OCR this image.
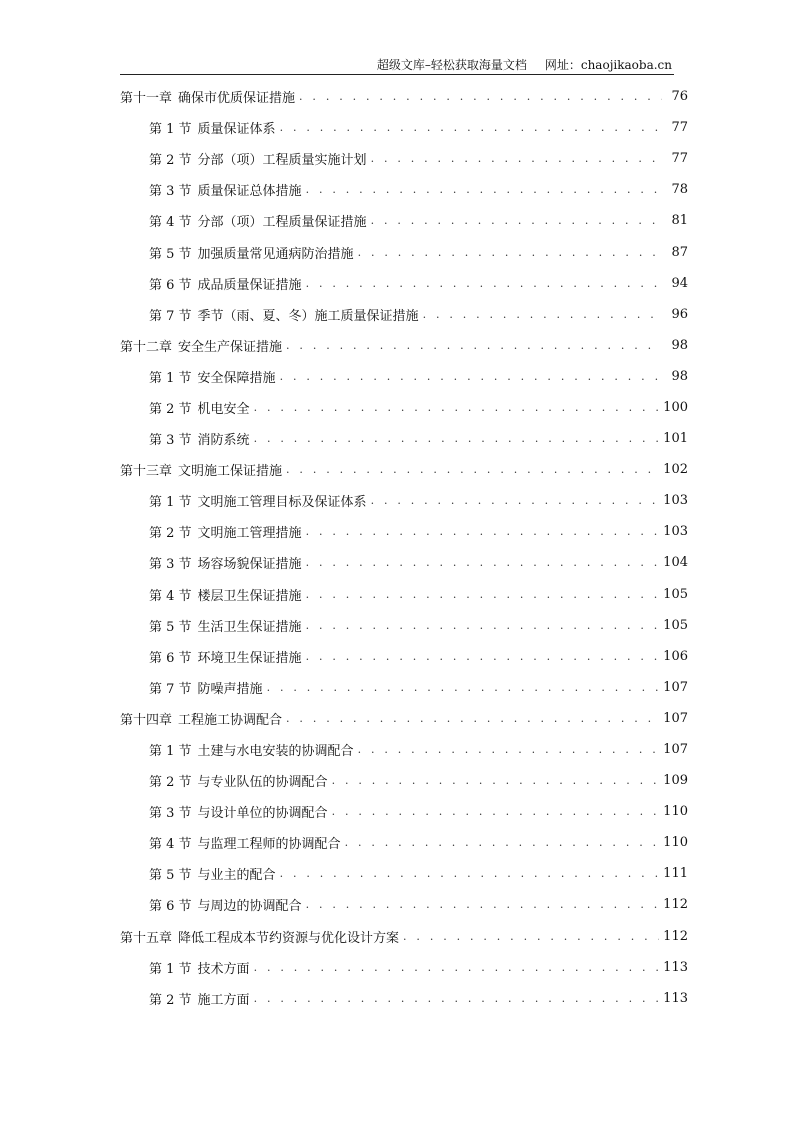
超级文库–轻松获取海量文档 网址：chaojikaoba.cn
第十一章 确保市优质保证措施 . . .	76
第 1 节 质量保证体系 . . .	77
第 2 节 分部（项）工程质量实施计划 . . .	77
第 3 节 质量保证总体措施 . . .	78
第 4 节 分部（项）工程质量保证措施 . . .	81
第 5 节 加强质量常见通病防治措施 . . .	87
第 6 节 成品质量保证措施 . . .	94
第 7 节 季节（雨、夏、冬）施工质量保证措施 . . .	96
第十二章 安全生产保证措施 . . .	98
第 1 节 安全保障措施 . . .	98
第 2 节 机电安全 . . .	100
第 3 节 消防系统 . . .	101
第十三章 文明施工保证措施 . . .	102
第 1 节 文明施工管理目标及保证体系 . . .	103
第 2 节 文明施工管理措施 . . .	103
第 3 节 场容场貌保证措施 . . .	104
第 4 节 楼层卫生保证措施 . . .	105
第 5 节 生活卫生保证措施 . . .	105
第 6 节 环境卫生保证措施 . . .	106
第 7 节 防噪声措施 . . .	107
第十四章 工程施工协调配合 . . .	107
第 1 节 土建与水电安装的协调配合 . . .	107
第 2 节 与专业队伍的协调配合 . . .	109
第 3 节 与设计单位的协调配合 . . .	110
第 4 节 与监理工程师的协调配合 . . .	110
第 5 节 与业主的配合 . . .	111
第 6 节 与周边的协调配合 . . .	112
第十五章 降低工程成本节约资源与优化设计方案 . . .	112
第 1 节 技术方面 . . .	113
第 2 节 施工方面 . . .	113
